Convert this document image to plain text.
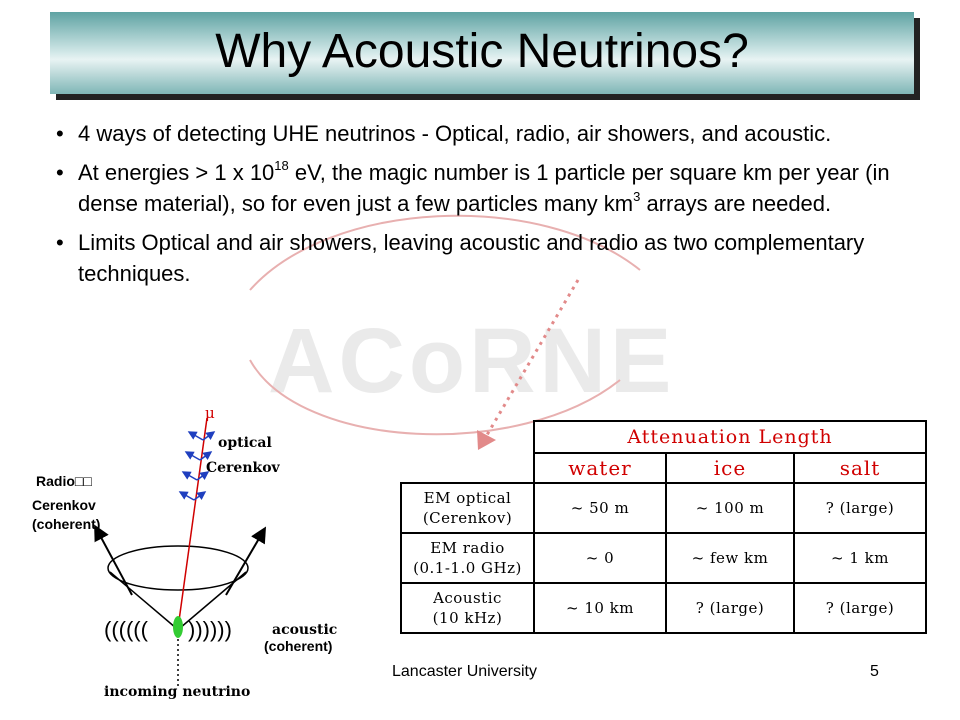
ACoRNE
Why Acoustic Neutrinos?
• 4 ways of detecting UHE neutrinos - Optical, radio, air showers, and acoustic.
• At energies > 1 x $10^{18}$ eV, the magic number is 1 particle per square km per year (in dense material), so for even just a few particles many $km^3$ arrays are needed.
• Limits Optical and air showers, leaving acoustic and radio as two complementary techniques.
(((((( ))))))
μ
optical
Cerenkov
Radio□□
Cerenkov
(coherent)
acoustic
(coherent)
incoming neutrino
	Attenuation Length		
	water	ice	salt

EM optical
(Cerenkov)	~ 50 m	~ 100 m	? (large)

EM radio
(0.1-1.0 GHz)	~ 0	~ few km	~ 1 km

Acoustic
(10 kHz)	~ 10 km	? (large)	? (large)
Lancaster University	5
